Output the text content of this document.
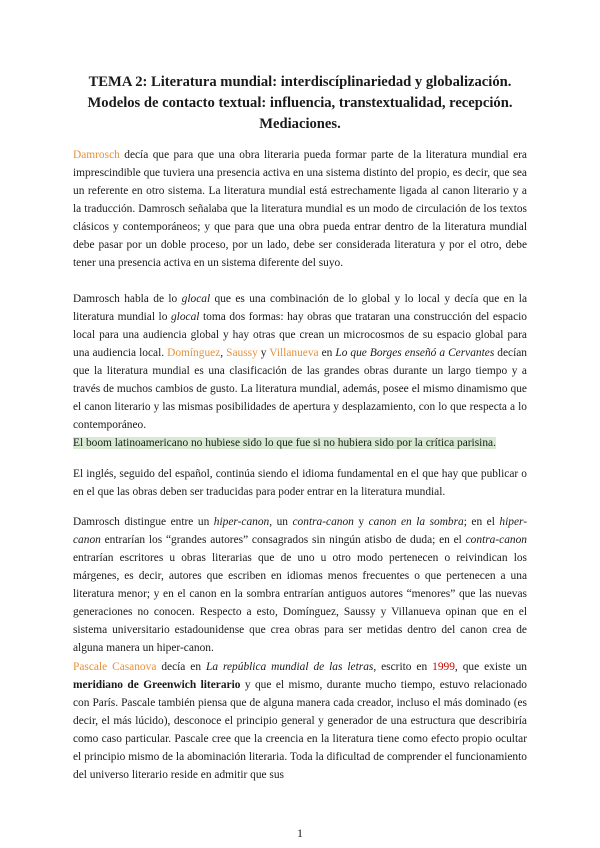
TEMA 2: Literatura mundial: interdiscíplinariedad y globalización.
Modelos de contacto textual: influencia, transtextualidad, recepción.
Mediaciones.

Damrosch decía que para que una obra literaria pueda formar parte de la literatura mundial era imprescindible que tuviera una presencia activa en una sistema distinto del propio, es decir, que sea un referente en otro sistema. La literatura mundial está estrechamente ligada al canon literario y a la traducción. Damrosch señalaba que la literatura mundial es un modo de circulación de los textos clásicos y contemporáneos; y que para que una obra pueda entrar dentro de la literatura mundial debe pasar por un doble proceso, por un lado, debe ser considerada literatura y por el otro, debe tener una presencia activa en un sistema diferente del suyo.

Damrosch habla de lo glocal que es una combinación de lo global y lo local y decía que en la literatura mundial lo glocal toma dos formas: hay obras que trataran una construcción del espacio local para una audiencia global y hay otras que crean un microcosmos de su espacio global para una audiencia local. Domínguez, Saussy y Villanueva en Lo que Borges enseñó a Cervantes decían que la literatura mundial es una clasificación de las grandes obras durante un largo tiempo y a través de muchos cambios de gusto. La literatura mundial, además, posee el mismo dinamismo que el canon literario y las mismas posibilidades de apertura y desplazamiento, con lo que respecta a lo contemporáneo.

El boom latinoamericano no hubiese sido lo que fue si no hubiera sido por la crítica parisina.

El inglés, seguido del español, continúa siendo el idioma fundamental en el que hay que publicar o en el que las obras deben ser traducidas para poder entrar en la literatura mundial.

Damrosch distingue entre un hiper-canon, un contra-canon y canon en la sombra; en el hiper-canon entrarían los “grandes autores” consagrados sin ningún atisbo de duda; en el contra-canon entrarían escritores u obras literarias que de uno u otro modo pertenecen o reivindican los márgenes, es decir, autores que escriben en idiomas menos frecuentes o que pertenecen a una literatura menor; y en el canon en la sombra entrarían antiguos autores “menores” que las nuevas generaciones no conocen. Respecto a esto, Domínguez, Saussy y Villanueva opinan que en el sistema universitario estadounidense que crea obras para ser metidas dentro del canon crea de alguna manera un hiper-canon.

Pascale Casanova decía en La república mundial de las letras, escrito en 1999, que existe un meridiano de Greenwich literario y que el mismo, durante mucho tiempo, estuvo relacionado con París. Pascale también piensa que de alguna manera cada creador, incluso el más dominado (es decir, el más lúcido), desconoce el principio general y generador de una estructura que describiría como caso particular. Pascale cree que la creencia en la literatura tiene como efecto propio ocultar el principio mismo de la abominación literaria. Toda la dificultad de comprender el funcionamiento del universo literario reside en admitir que sus

1
